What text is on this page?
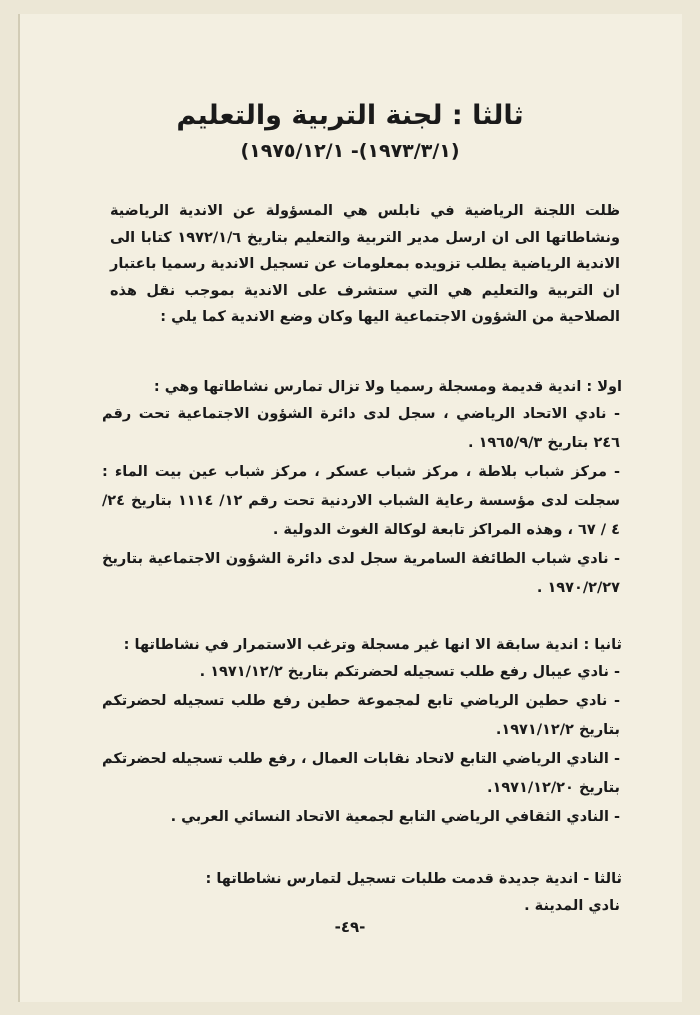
ثالثا : لجنة التربية والتعليم
(١٩٧٣/٣/١)- ١٩٧٥/١٢/١)

ظلت اللجنة الرياضية في نابلس هي المسؤولة عن الاندية الرياضية ونشاطاتها الى ان ارسل مدير التربية والتعليم بتاريخ ١٩٧٢/١/٦ كتابا الى الاندية الرياضية يطلب تزويده بمعلومات عن تسجيل الاندية رسميا باعتبار ان التربية والتعليم هي التي ستشرف على الاندية بموجب نقل هذه الصلاحية من الشؤون الاجتماعية اليها وكان وضع الاندية كما يلي :

اولا : اندية قديمة ومسجلة رسميا ولا تزال تمارس نشاطاتها وهي :
- نادي الاتحاد الرياضي ، سجل لدى دائرة الشؤون الاجتماعية تحت رقم ٢٤٦ بتاريخ ١٩٦٥/٩/٣ .
- مركز شباب بلاطة ، مركز شباب عسكر ، مركز شباب عين بيت الماء : سجلت لدى مؤسسة رعاية الشباب الاردنية تحت رقم ١٢/ ١١١٤ بتاريخ ٢٤/ ٤ / ٦٧ ، وهذه المراكز تابعة لوكالة الغوث الدولية .
- نادي شباب الطائفة السامرية سجل لدى دائرة الشؤون الاجتماعية بتاريخ ١٩٧٠/٢/٢٧ .
ثانيا : اندية سابقة الا انها غير مسجلة وترغب الاستمرار في نشاطاتها :
- نادي عيبال رفع طلب تسجيله لحضرتكم بتاريخ ١٩٧١/١٢/٢ .
- نادي حطين الرياضي تابع لمجموعة حطين رفع طلب تسجيله لحضرتكم بتاريخ ١٩٧١/١٢/٢.
- النادي الرياضي التابع لاتحاد نقابات العمال ، رفع طلب تسجيله لحضرتكم بتاريخ ١٩٧١/١٢/٢٠.
- النادي الثقافي الرياضي التابع لجمعية الاتحاد النسائي العربي .
ثالثا - اندية جديدة قدمت طلبات تسجيل لتمارس نشاطاتها :
نادي المدينة .
-٤٩-
